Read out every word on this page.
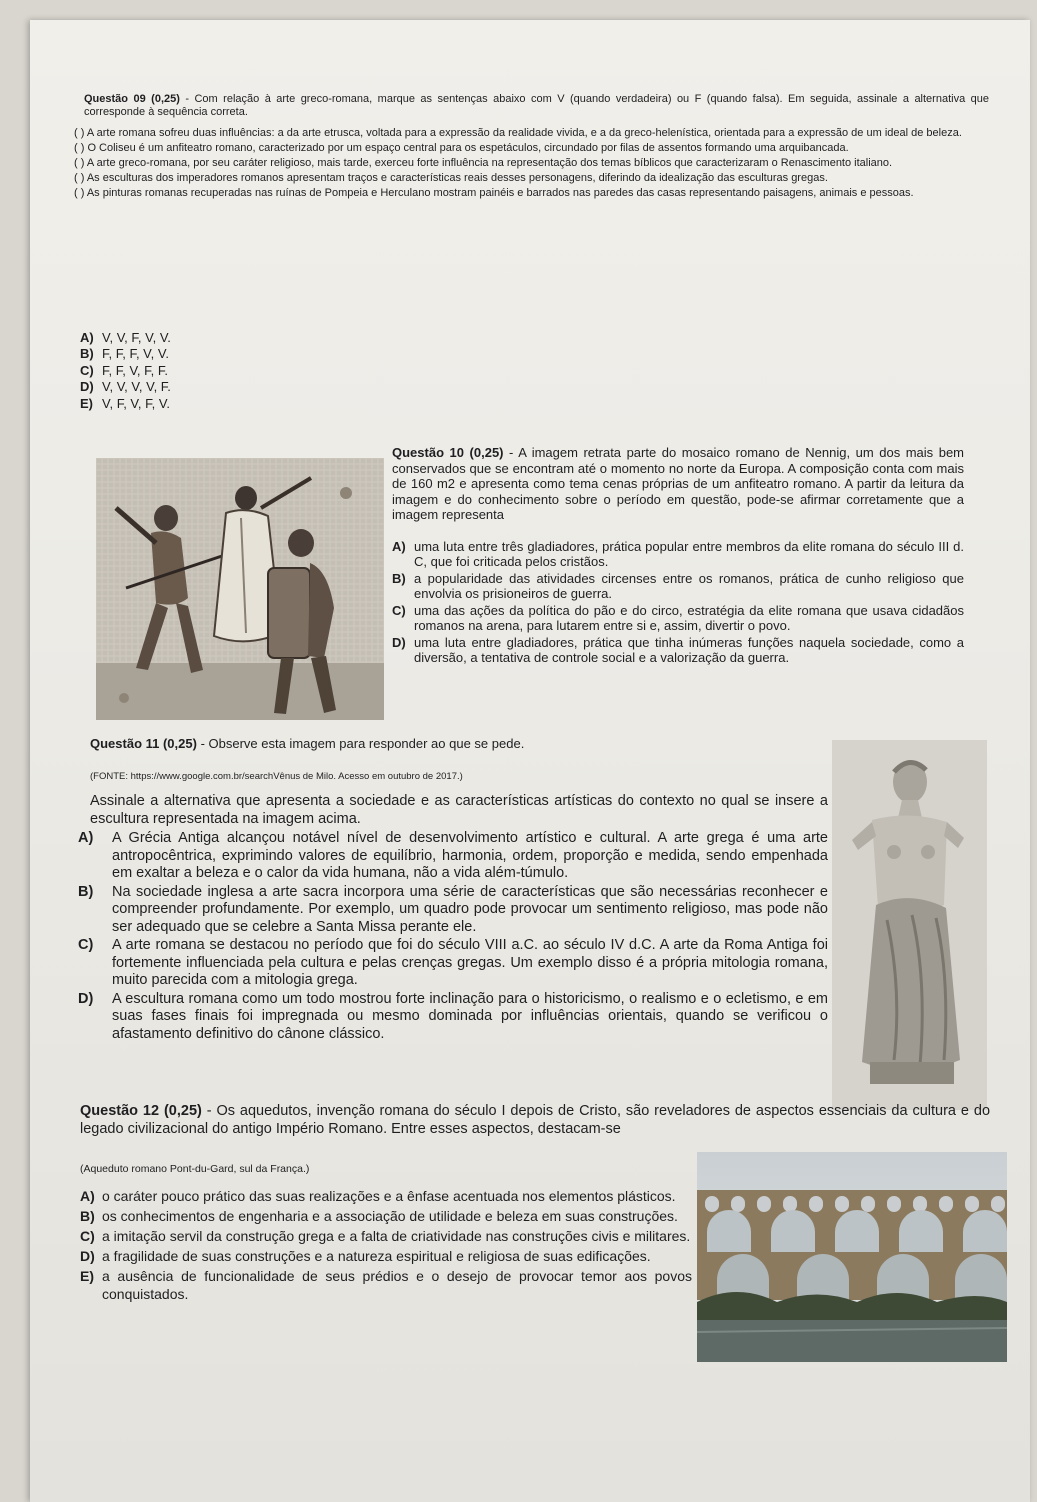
Questão 09 (0,25) - Com relação à arte greco-romana, marque as sentenças abaixo com V (quando verdadeira) ou F (quando falsa). Em seguida, assinale a alternativa que corresponde à sequência correta.

( ) A arte romana sofreu duas influências: a da arte etrusca, voltada para a expressão da realidade vivida, e a da greco-helenística, orientada para a expressão de um ideal de beleza.
( ) O Coliseu é um anfiteatro romano, caracterizado por um espaço central para os espetáculos, circundado por filas de assentos formando uma arquibancada.
( ) A arte greco-romana, por seu caráter religioso, mais tarde, exerceu forte influência na representação dos temas bíblicos que caracterizaram o Renascimento italiano.
( ) As esculturas dos imperadores romanos apresentam traços e características reais desses personagens, diferindo da idealização das esculturas gregas.
( ) As pinturas romanas recuperadas nas ruínas de Pompeia e Herculano mostram painéis e barrados nas paredes das casas representando paisagens, animais e pessoas.
A) V, V, F, V, V.
B) F, F, F, V, V.
C) F, F, V, F, F.
D) V, V, V, V, F.
E) V, F, V, F, V.

Questão 10 (0,25) - A imagem retrata parte do mosaico romano de Nennig, um dos mais bem conservados que se encontram até o momento no norte da Europa. A composição conta com mais de 160 m2 e apresenta como tema cenas próprias de um anfiteatro romano. A partir da leitura da imagem e do conhecimento sobre o período em questão, pode-se afirmar corretamente que a imagem representa

A) uma luta entre três gladiadores, prática popular entre membros da elite romana do século III d. C, que foi criticada pelos cristãos.
B) a popularidade das atividades circenses entre os romanos, prática de cunho religioso que envolvia os prisioneiros de guerra.
C) uma das ações da política do pão e do circo, estratégia da elite romana que usava cidadãos romanos na arena, para lutarem entre si e, assim, divertir o povo.
D) uma luta entre gladiadores, prática que tinha inúmeras funções naquela sociedade, como a diversão, a tentativa de controle social e a valorização da guerra.

Questão 11 (0,25) - Observe esta imagem para responder ao que se pede.

(FONTE: https://www.google.com.br/searchVênus de Milo. Acesso em outubro de 2017.)

Assinale a alternativa que apresenta a sociedade e as características artísticas do contexto no qual se insere a escultura representada na imagem acima.

A)	A Grécia Antiga alcançou notável nível de desenvolvimento artístico e cultural. A arte grega é uma arte antropocêntrica, exprimindo valores de equilíbrio, harmonia, ordem, proporção e medida, sendo empenhada em exaltar a beleza e o calor da vida humana, não a vida além-túmulo.
B)	Na sociedade inglesa a arte sacra incorpora uma série de características que são necessárias reconhecer e compreender profundamente. Por exemplo, um quadro pode provocar um sentimento religioso, mas pode não ser adequado que se celebre a Santa Missa perante ele.
C)	A arte romana se destacou no período que foi do século VIII a.C. ao século IV d.C. A arte da Roma Antiga foi fortemente influenciada pela cultura e pelas crenças gregas. Um exemplo disso é a própria mitologia romana, muito parecida com a mitologia grega.
D)	A escultura romana como um todo mostrou forte inclinação para o historicismo, o realismo e o ecletismo, e em suas fases finais foi impregnada ou mesmo dominada por influências orientais, quando se verificou o afastamento definitivo do cânone clássico.

Questão 12 (0,25) - Os aquedutos, invenção romana do século I depois de Cristo, são reveladores de aspectos essenciais da cultura e do legado civilizacional do antigo Império Romano. Entre esses aspectos, destacam-se

(Aqueduto romano Pont-du-Gard, sul da França.)

A) o caráter pouco prático das suas realizações e a ênfase acentuada nos elementos plásticos.
B) os conhecimentos de engenharia e a associação de utilidade e beleza em suas construções.
C) a imitação servil da construção grega e a falta de criatividade nas construções civis e militares.
D) a fragilidade de suas construções e a natureza espiritual e religiosa de suas edificações.
E) a ausência de funcionalidade de seus prédios e o desejo de provocar temor aos povos conquistados.
